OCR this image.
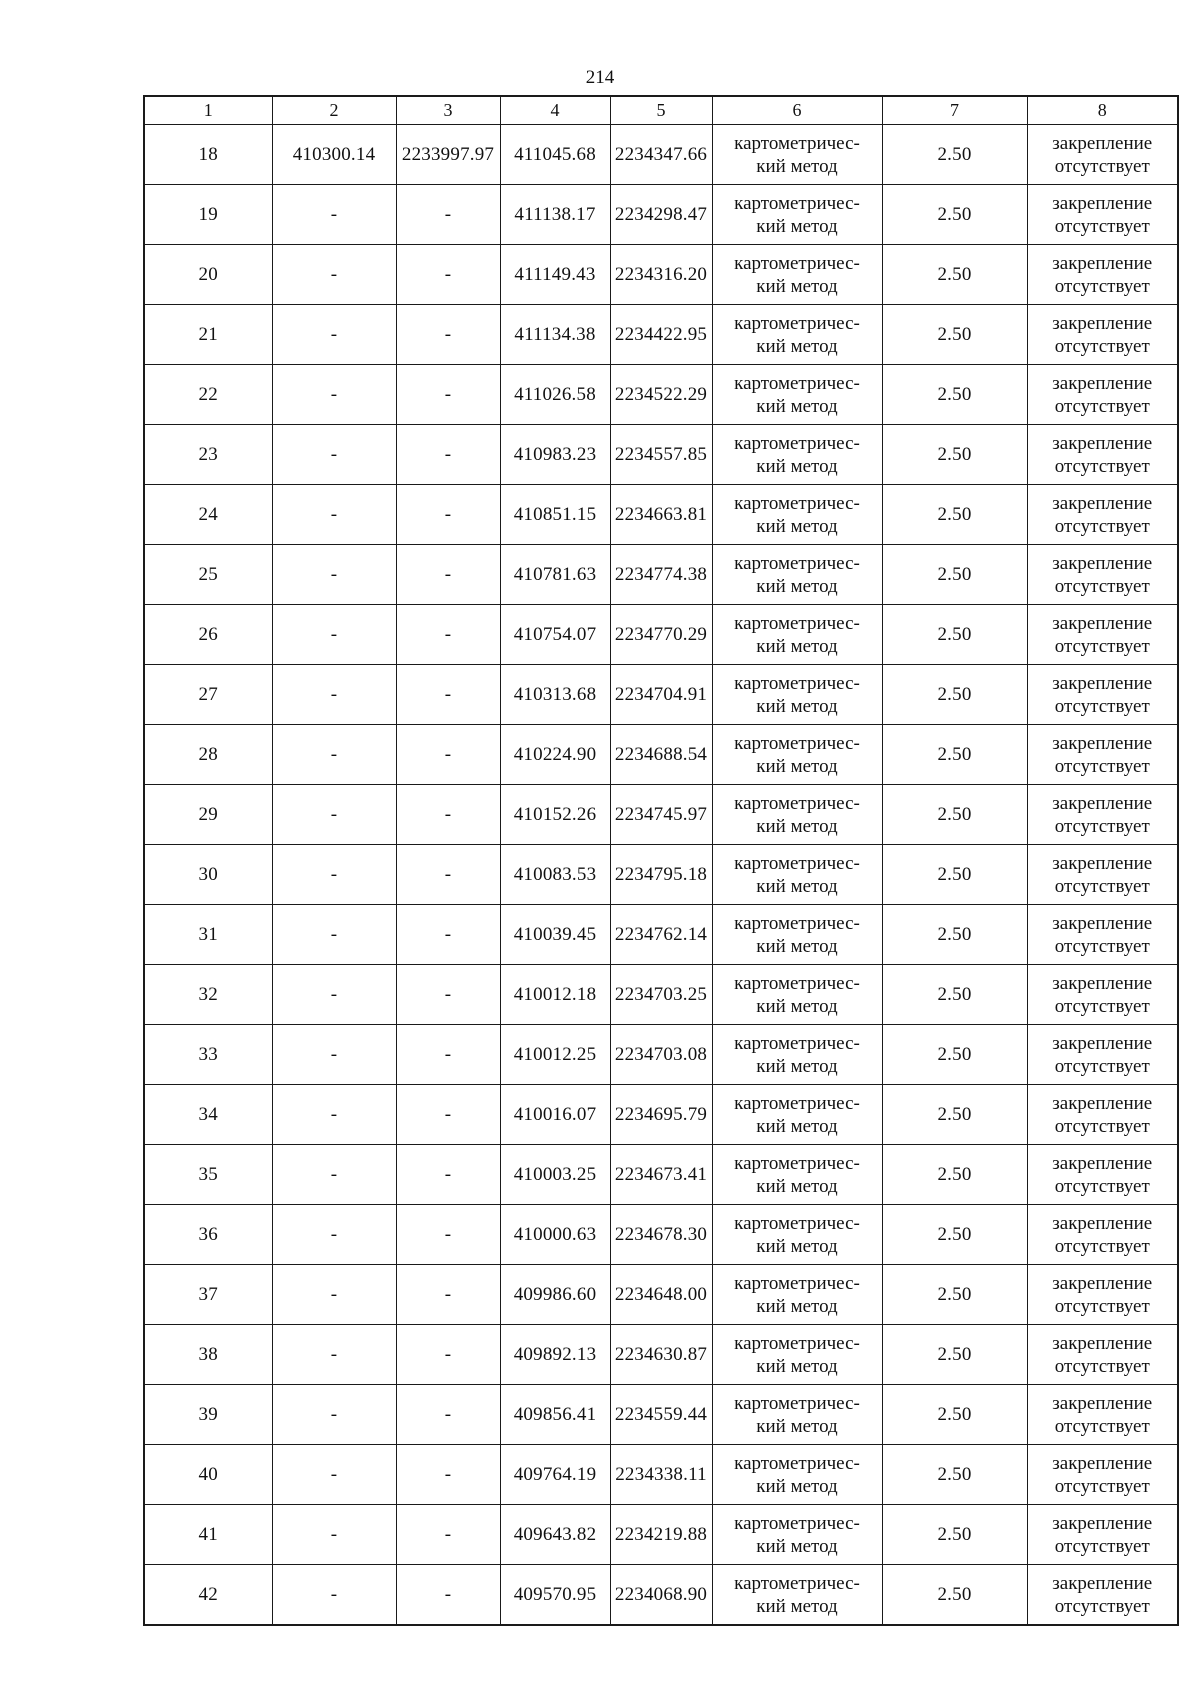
214
1	2	3	4	5	6	7	8
18	410300.14	2233997.97	411045.68	2234347.66	картометричес-
кий метод	2.50	закрепление
отсутствует

19	-	-	411138.17	2234298.47	картометричес-
кий метод	2.50	закрепление
отсутствует

20	-	-	411149.43	2234316.20	картометричес-
кий метод	2.50	закрепление
отсутствует

21	-	-	411134.38	2234422.95	картометричес-
кий метод	2.50	закрепление
отсутствует

22	-	-	411026.58	2234522.29	картометричес-
кий метод	2.50	закрепление
отсутствует

23	-	-	410983.23	2234557.85	картометричес-
кий метод	2.50	закрепление
отсутствует

24	-	-	410851.15	2234663.81	картометричес-
кий метод	2.50	закрепление
отсутствует

25	-	-	410781.63	2234774.38	картометричес-
кий метод	2.50	закрепление
отсутствует

26	-	-	410754.07	2234770.29	картометричес-
кий метод	2.50	закрепление
отсутствует

27	-	-	410313.68	2234704.91	картометричес-
кий метод	2.50	закрепление
отсутствует

28	-	-	410224.90	2234688.54	картометричес-
кий метод	2.50	закрепление
отсутствует

29	-	-	410152.26	2234745.97	картометричес-
кий метод	2.50	закрепление
отсутствует

30	-	-	410083.53	2234795.18	картометричес-
кий метод	2.50	закрепление
отсутствует

31	-	-	410039.45	2234762.14	картометричес-
кий метод	2.50	закрепление
отсутствует

32	-	-	410012.18	2234703.25	картометричес-
кий метод	2.50	закрепление
отсутствует

33	-	-	410012.25	2234703.08	картометричес-
кий метод	2.50	закрепление
отсутствует

34	-	-	410016.07	2234695.79	картометричес-
кий метод	2.50	закрепление
отсутствует

35	-	-	410003.25	2234673.41	картометричес-
кий метод	2.50	закрепление
отсутствует

36	-	-	410000.63	2234678.30	картометричес-
кий метод	2.50	закрепление
отсутствует

37	-	-	409986.60	2234648.00	картометричес-
кий метод	2.50	закрепление
отсутствует

38	-	-	409892.13	2234630.87	картометричес-
кий метод	2.50	закрепление
отсутствует

39	-	-	409856.41	2234559.44	картометричес-
кий метод	2.50	закрепление
отсутствует

40	-	-	409764.19	2234338.11	картометричес-
кий метод	2.50	закрепление
отсутствует

41	-	-	409643.82	2234219.88	картометричес-
кий метод	2.50	закрепление
отсутствует

42	-	-	409570.95	2234068.90	картометричес-
кий метод	2.50	закрепление
отсутствует
